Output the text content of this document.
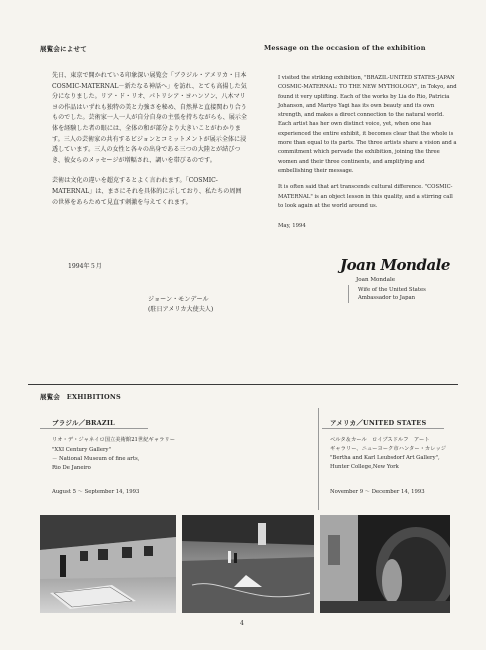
展覧会によせて

先日、東京で開かれている印象深い展覧会「ブラジル・アメリカ・日本 COSMIC-MATERNAL－新たなる神話へ」を訪れ、とても高揚した気分になりました。リア・ド・リオ、パトリシア・ヨハンソン、八木マリヨの作品はいずれも独特の美と力強さを秘め、自然界と直接関わり合うものでした。芸術家一人一人が自分自身の主張を持ちながらも、展示全体を経験した者の眼には、全体の和が部分より大きいことがわかります。三人の芸術家の共有するビジョンとコミットメントが展示全体に浸透しています。三人の女性と各々の出身である三つの大陸とが結びつき、彼女らのメッセージが増幅され、調いを帯びるのです。

芸術は文化の違いを超克するとよく言われます。「COSMIC-MATERNAL」は、まさにそれを具体的に示しており、私たちの周囲の世界をあらためて見直す刺激を与えてくれます。

1994年５月
ジョーン・モンデール
(駐日アメリカ大使夫人)
Message on the occasion of the exhibition

I visited the striking exhibition, "BRAZIL-UNITED STATES-JAPAN COSMIC-MATERNAL: TO THE NEW MYTHOLOGY", in Tokyo, and found it very uplifting. Each of the works by Lia do Rio, Patricia Johanson, and Mariyo Yagi has its own beauty and its own strength, and makes a direct connection to the natural world. Each artist has her own distinct voice, yet, when one has experienced the entire exhibit, it becomes clear that the whole is more than equal to its parts. The three artists share a vision and a commitment which pervade the exhibition, joining the three women and their three continents, and amplifying and embellishing their message.

It is often said that art transcends cultural difference. "COSMIC-MATERNAL" is an object lesson in this quality, and a stirring call to look again at the world around us.

May, 1994
Joan Mondale
Joan Mondale
Wife of the United States
Ambassador to Japan
展覧会　EXHIBITIONS
ブラジル／BRAZIL
リオ・デ・ジャネイロ国立美術館21世紀ギャラリー
"XXI Century Gallery"
－ National Museum of fine arts,
Rio De Janeiro
August 5 ～ September 14, 1993
アメリカ／UNITED STATES
ベルタ＆カール　ロイブスドルフ　アート
ギャラリー、ニューヨーク市ハンター・カレッジ
"Bertha and Karl Leubsdorf Art Gallery",
Hunter College,New York
November 9 ～ December 14, 1993
4
